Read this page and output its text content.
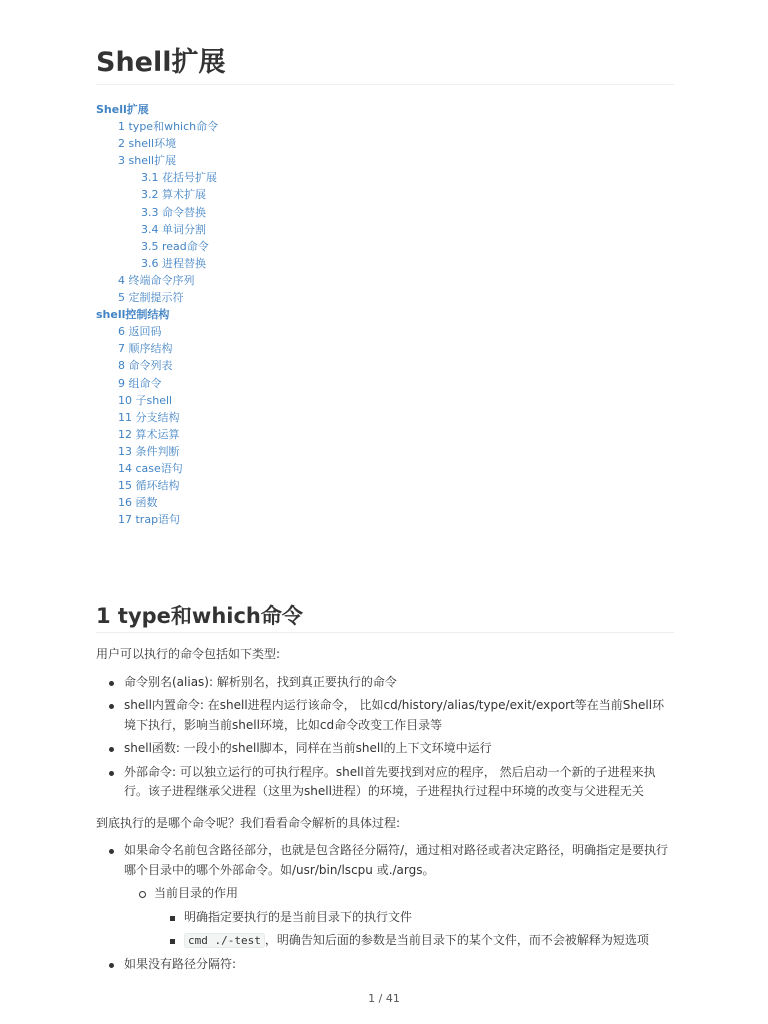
Shell扩展
Shell扩展
1 type和which命令
2 shell环境
3 shell扩展
3.1 花括号扩展
3.2 算术扩展
3.3 命令替换
3.4 单词分割
3.5 read命令
3.6 进程替换
4 终端命令序列
5 定制提示符
shell控制结构
6 返回码
7 顺序结构
8 命令列表
9 组命令
10 子shell
11 分支结构
12 算术运算
13 条件判断
14 case语句
15 循环结构
16 函数
17 trap语句
1 type和which命令

用户可以执行的命令包括如下类型:

命令别名(alias): 解析别名，找到真正要执行的命令
shell内置命令: 在shell进程内运行该命令， 比如cd/history/alias/type/exit/export等在当前Shell环境下执行，影响当前shell环境，比如cd命令改变工作目录等
shell函数: 一段小的shell脚本，同样在当前shell的上下文环境中运行
外部命令: 可以独立运行的可执行程序。shell首先要找到对应的程序， 然后启动一个新的子进程来执行。该子进程继承父进程（这里为shell进程）的环境，子进程执行过程中环境的改变与父进程无关

到底执行的是哪个命令呢？我们看看命令解析的具体过程:

如果命令名前包含路径部分，也就是包含路径分隔符/，通过相对路径或者决定路径，明确指定是要执行哪个目录中的哪个外部命令。如/usr/bin/lscpu 或./args。
当前目录的作用
明确指定要执行的是当前目录下的执行文件
cmd ./-test ，明确告知后面的参数是当前目录下的某个文件，而不会被解释为短选项
如果没有路径分隔符:
1 / 41
